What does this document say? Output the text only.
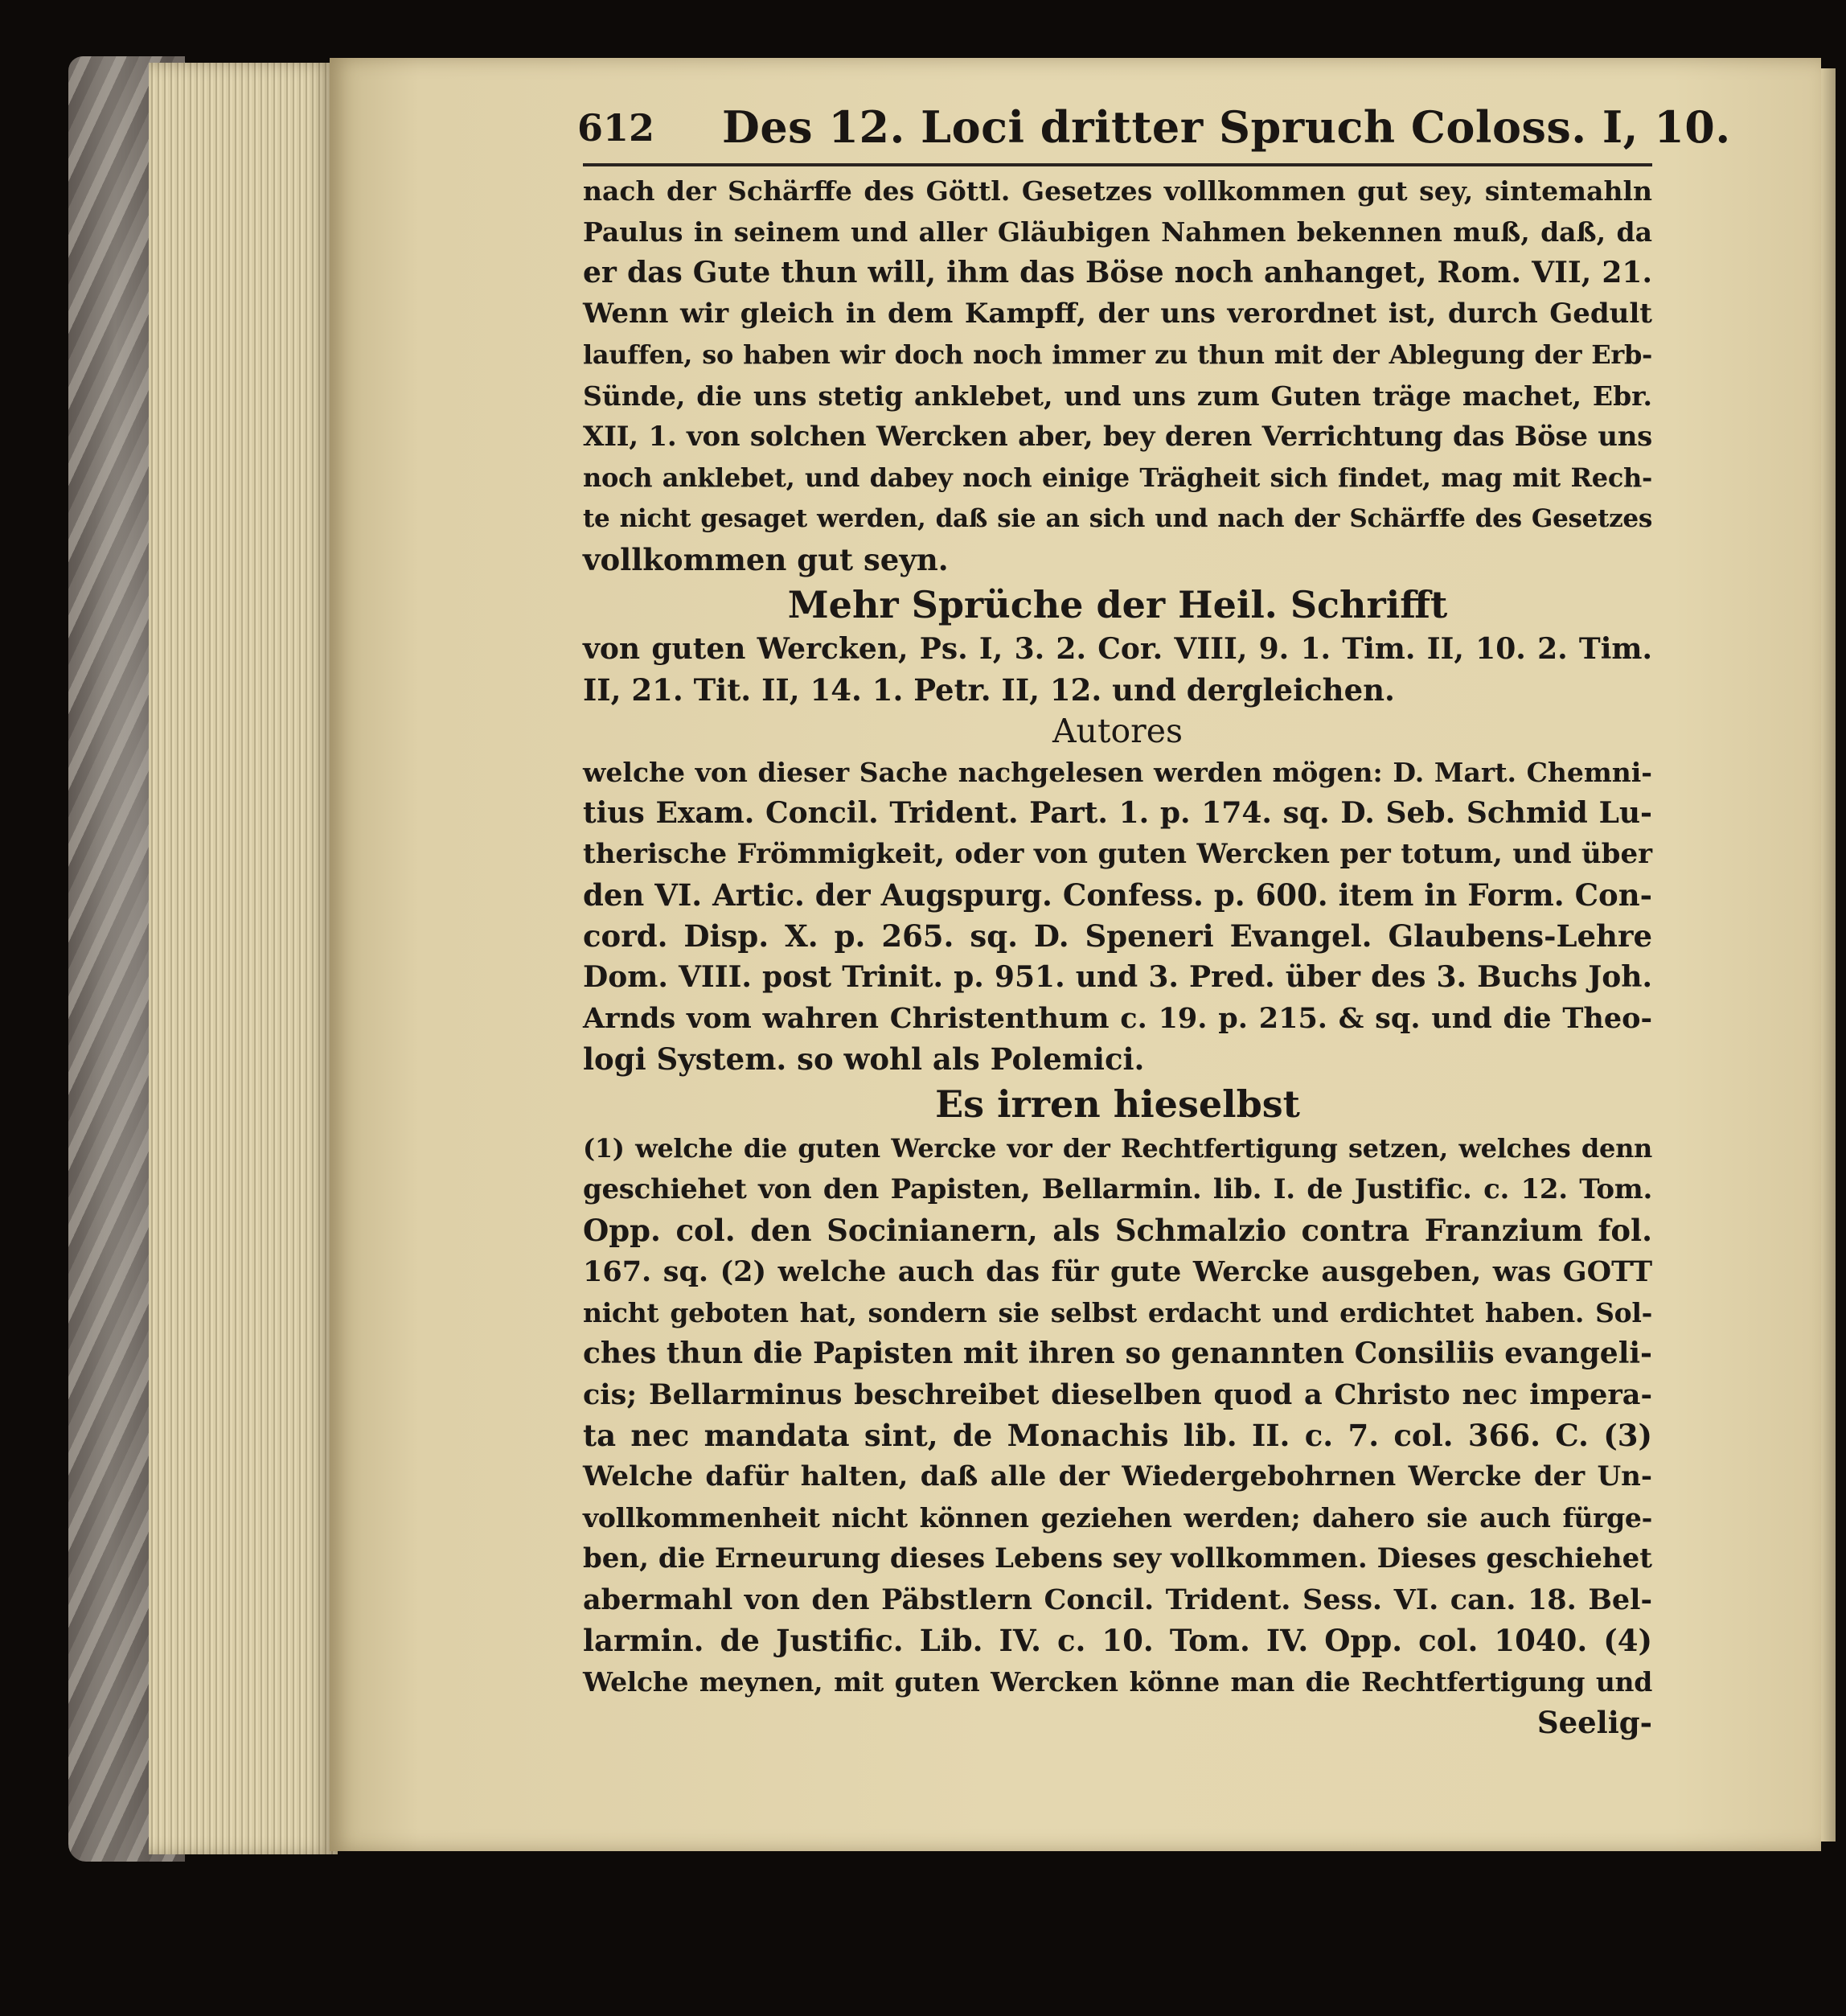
612 Des 12. Loci dritter Spruch Coloss. I, 10.
nach der Schärffe des Göttl. Gesetzes vollkommen gut sey, sintemahln
Paulus in seinem und aller Gläubigen Nahmen bekennen muß, daß, da
er das Gute thun will, ihm das Böse noch anhanget, Rom. VII, 21.
Wenn wir gleich in dem Kampff, der uns verordnet ist, durch Gedult
lauffen, so haben wir doch noch immer zu thun mit der Ablegung der Erb-
Sünde, die uns stetig anklebet, und uns zum Guten träge machet, Ebr.
XII, 1. von solchen Wercken aber, bey deren Verrichtung das Böse uns
noch anklebet, und dabey noch einige Trägheit sich findet, mag mit Rech-
te nicht gesaget werden, daß sie an sich und nach der Schärffe des Gesetzes
vollkommen gut seyn.
Mehr Sprüche der Heil. Schrifft
von guten Wercken, Ps. I, 3. 2. Cor. VIII, 9. 1. Tim. II, 10. 2. Tim.
II, 21. Tit. II, 14. 1. Petr. II, 12. und dergleichen.
Autores
welche von dieser Sache nachgelesen werden mögen: D. Mart. Chemni-
tius Exam. Concil. Trident. Part. 1. p. 174. sq. D. Seb. Schmid Lu-
therische Frömmigkeit, oder von guten Wercken per totum, und über
den VI. Artic. der Augspurg. Confess. p. 600. item in Form. Con-
cord. Disp. X. p. 265. sq. D. Speneri Evangel. Glaubens-Lehre
Dom. VIII. post Trinit. p. 951. und 3. Pred. über des 3. Buchs Joh.
Arnds vom wahren Christenthum c. 19. p. 215. & sq. und die Theo-
logi System. so wohl als Polemici.
Es irren hieselbst
(1) welche die guten Wercke vor der Rechtfertigung setzen, welches denn
geschiehet von den Papisten, Bellarmin. lib. I. de Justific. c. 12. Tom.
Opp. col. den Socinianern, als Schmalzio contra Franzium fol.
167. sq. (2) welche auch das für gute Wercke ausgeben, was GOTT
nicht geboten hat, sondern sie selbst erdacht und erdichtet haben. Sol-
ches thun die Papisten mit ihren so genannten Consiliis evangeli-
cis; Bellarminus beschreibet dieselben quod a Christo nec impera-
ta nec mandata sint, de Monachis lib. II. c. 7. col. 366. C. (3)
Welche dafür halten, daß alle der Wiedergebohrnen Wercke der Un-
vollkommenheit nicht können geziehen werden; dahero sie auch fürge-
ben, die Erneurung dieses Lebens sey vollkommen. Dieses geschiehet
abermahl von den Päbstlern Concil. Trident. Sess. VI. can. 18. Bel-
larmin. de Justific. Lib. IV. c. 10. Tom. IV. Opp. col. 1040. (4)
Welche meynen, mit guten Wercken könne man die Rechtfertigung und
Seelig-
